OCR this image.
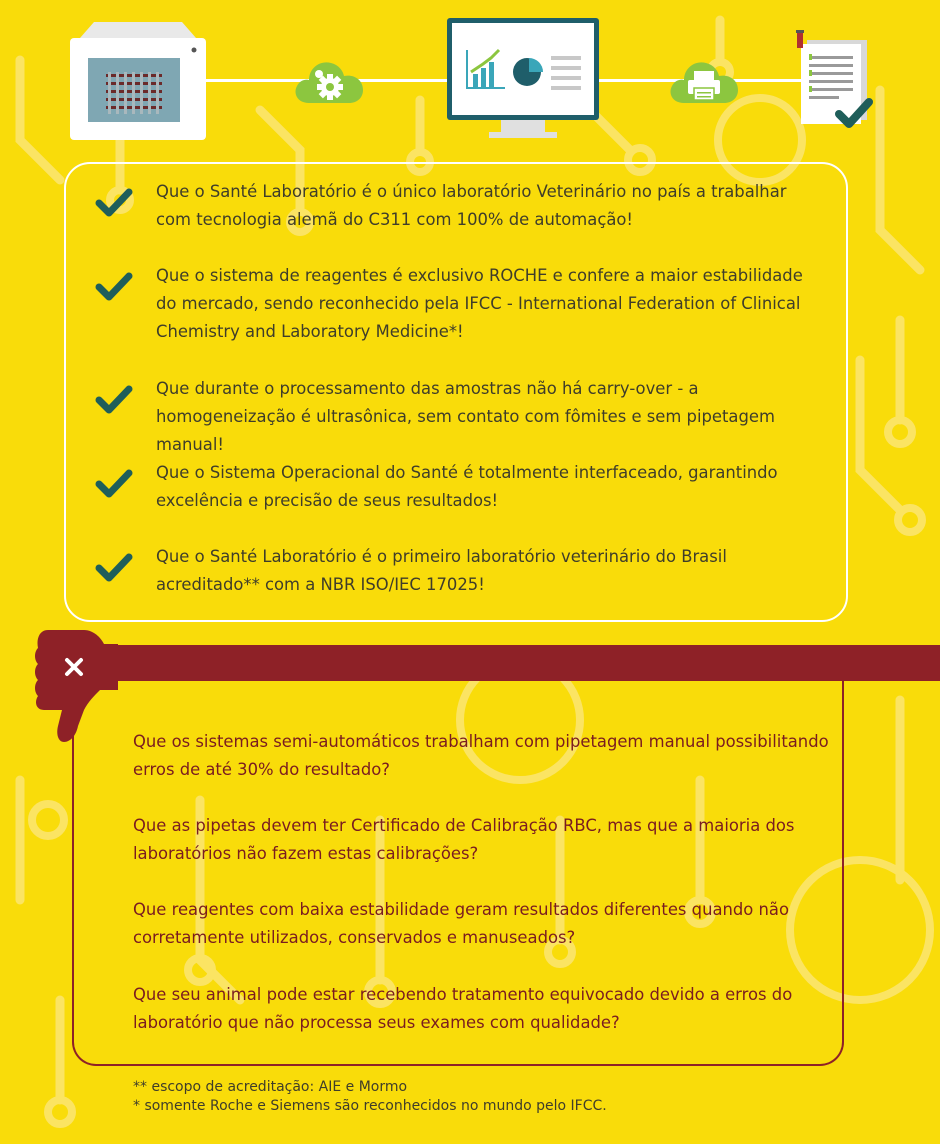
Que o Santé Laboratório é o único laboratório Veterinário no país a trabalhar com tecnologia alemã do C311 com 100% de automação!

Que o sistema de reagentes é exclusivo ROCHE e confere a maior estabilidade do mercado, sendo reconhecido pela IFCC - International Federation of Clinical Chemistry and Laboratory Medicine*!

Que durante o processamento das amostras não há carry-over - a homogeneização é ultrasônica, sem contato com fômites e sem pipetagem manual!

Que o Sistema Operacional do Santé é totalmente interfaceado, garantindo excelência e precisão de seus resultados!

Que o Santé Laboratório é o primeiro laboratório veterinário do Brasil acreditado** com a NBR ISO/IEC 17025!

Que os sistemas semi-automáticos trabalham com pipetagem manual possibilitando erros de até 30% do resultado?

Que as pipetas devem ter Certificado de Calibração RBC, mas que a maioria dos laboratórios não fazem estas calibrações?

Que reagentes com baixa estabilidade geram resultados diferentes quando não corretamente utilizados, conservados e manuseados?

Que seu animal pode estar recebendo tratamento equivocado devido a erros do laboratório que não processa seus exames com qualidade?

** escopo de acreditação: AIE e Mormo

* somente Roche e Siemens são reconhecidos no mundo pelo IFCC.
